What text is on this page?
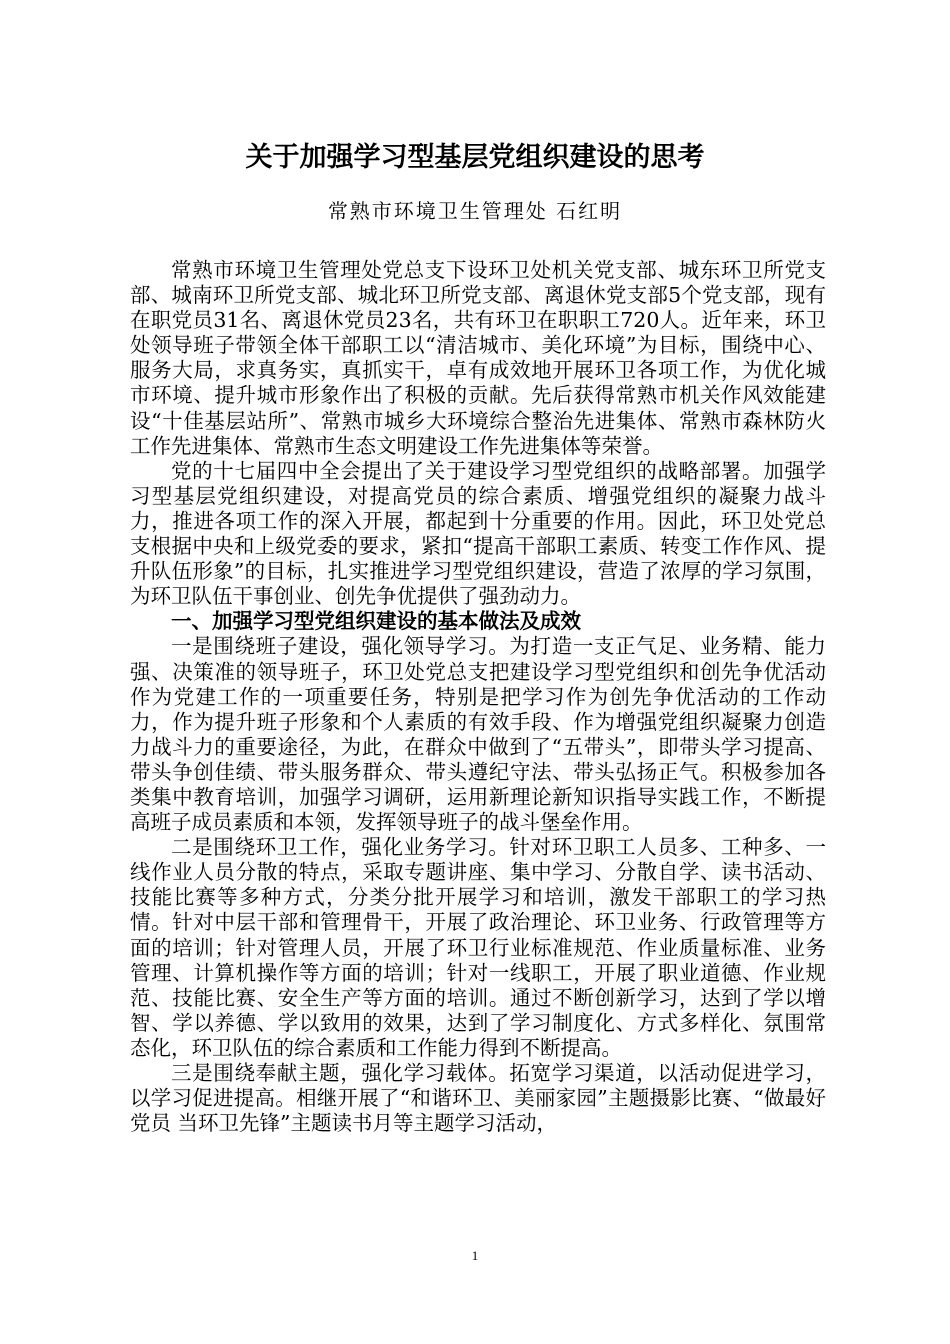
关于加强学习型基层党组织建设的思考

常熟市环境卫生管理处 石红明

常熟市环境卫生管理处党总支下设环卫处机关党支部、城东环卫所党支部、城南环卫所党支部、城北环卫所党支部、离退休党支部5个党支部，现有在职党员31名、离退休党员23名，共有环卫在职职工720人。近年来，环卫处领导班子带领全体干部职工以“清洁城市、美化环境”为目标，围绕中心、服务大局，求真务实，真抓实干，卓有成效地开展环卫各项工作，为优化城市环境、提升城市形象作出了积极的贡献。先后获得常熟市机关作风效能建设“十佳基层站所”、常熟市城乡大环境综合整治先进集体、常熟市森林防火工作先进集体、常熟市生态文明建设工作先进集体等荣誉。

党的十七届四中全会提出了关于建设学习型党组织的战略部署。加强学习型基层党组织建设，对提高党员的综合素质、增强党组织的凝聚力战斗力，推进各项工作的深入开展，都起到十分重要的作用。因此，环卫处党总支根据中央和上级党委的要求，紧扣“提高干部职工素质、转变工作作风、提升队伍形象”的目标，扎实推进学习型党组织建设，营造了浓厚的学习氛围，为环卫队伍干事创业、创先争优提供了强劲动力。

一、加强学习型党组织建设的基本做法及成效

一是围绕班子建设，强化领导学习。为打造一支正气足、业务精、能力强、决策准的领导班子，环卫处党总支把建设学习型党组织和创先争优活动作为党建工作的一项重要任务，特别是把学习作为创先争优活动的工作动力，作为提升班子形象和个人素质的有效手段、作为增强党组织凝聚力创造力战斗力的重要途径，为此，在群众中做到了“五带头”，即带头学习提高、带头争创佳绩、带头服务群众、带头遵纪守法、带头弘扬正气。积极参加各类集中教育培训，加强学习调研，运用新理论新知识指导实践工作，不断提高班子成员素质和本领，发挥领导班子的战斗堡垒作用。

二是围绕环卫工作，强化业务学习。针对环卫职工人员多、工种多、一线作业人员分散的特点，采取专题讲座、集中学习、分散自学、读书活动、技能比赛等多种方式，分类分批开展学习和培训，激发干部职工的学习热情。针对中层干部和管理骨干，开展了政治理论、环卫业务、行政管理等方面的培训；针对管理人员，开展了环卫行业标准规范、作业质量标准、业务管理、计算机操作等方面的培训；针对一线职工，开展了职业道德、作业规范、技能比赛、安全生产等方面的培训。通过不断创新学习，达到了学以增智、学以养德、学以致用的效果，达到了学习制度化、方式多样化、氛围常态化，环卫队伍的综合素质和工作能力得到不断提高。

三是围绕奉献主题，强化学习载体。拓宽学习渠道，以活动促进学习，以学习促进提高。相继开展了“和谐环卫、美丽家园”主题摄影比赛、“做最好党员 当环卫先锋”主题读书月等主题学习活动，

1
